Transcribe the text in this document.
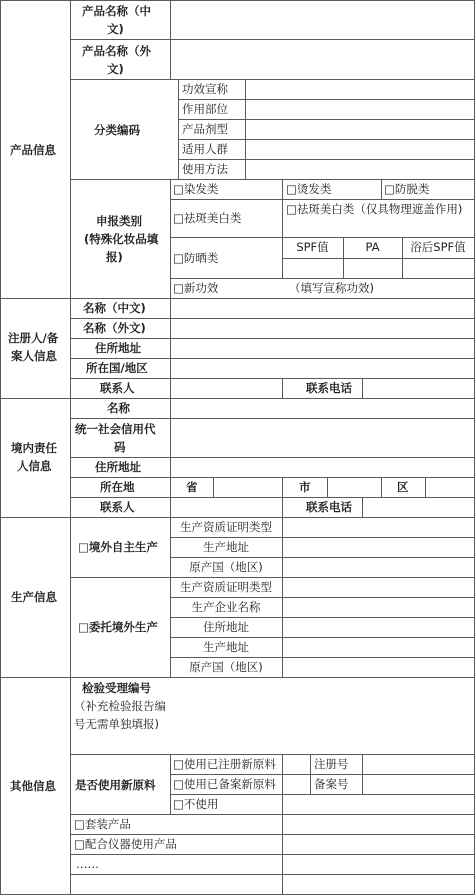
产品信息
产品名称（中
文)
产品名称（外
文)
分类编码
功效宣称
作用部位
产品剂型
适用人群
使用方法
申报类别
(特殊化妆品填
报)
□染发类	□烫发类	□防脱类
□祛斑美白类
□祛斑美白类（仅具物理遮盖作用)
□防晒类
SPF值	PA	浴后SPF值
□新功效	（填写宣称功效)
注册人/备
案人信息
名称（中文)
名称（外文)
住所地址
所在国/地区
联系人	联系电话
境内责任
人信息
名称
统一社会信用代
码
住所地址
所在地	省	市	区
联系人	联系电话
生产信息
□境外自主生产
生产资质证明类型
生产地址
原产国（地区)
□委托境外生产
生产资质证明类型
生产企业名称
住所地址
生产地址
原产国（地区)
其他信息
检验受理编号
（补充检验报告编号无需单独填报)
是否使用新原料
□使用已注册新原料	注册号
□使用已备案新原料	备案号
□不使用
□套装产品
□配合仪器使用产品
……
